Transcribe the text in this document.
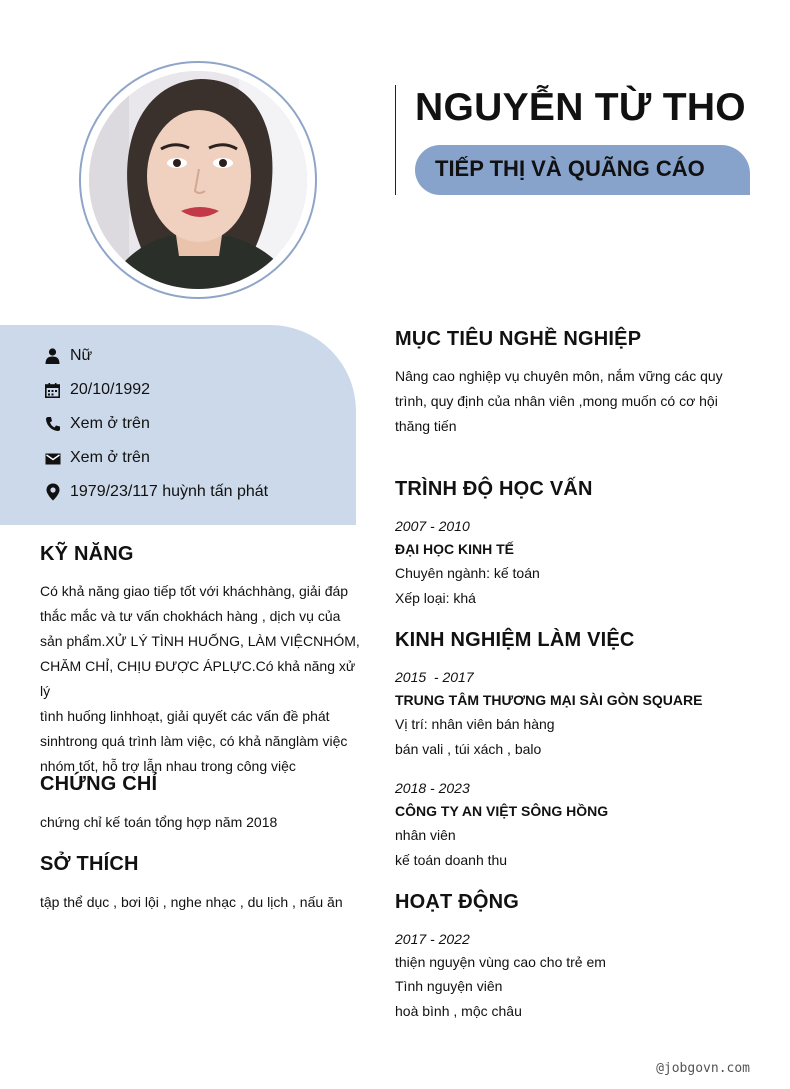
NGUYỄN TỪ THO
TIẾP THỊ VÀ QUÃNG CÁO
Nữ
20/10/1992
Xem ở trên
Xem ở trên
1979/23/117 huỳnh tấn phát
KỸ NĂNG
Có khả năng giao tiếp tốt với kháchhàng, giải đáp
thắc mắc và tư vấn chokhách hàng , dịch vụ của
sản phẩm.XỬ LÝ TÌNH HUỐNG, LÀM VIỆCNHÓM,
CHĂM CHỈ, CHỊU ĐƯỢC ÁPLỰC.Có khả năng xử lý
tình huống linhhoạt, giải quyết các vấn đề phát
sinhtrong quá trình làm việc, có khả nănglàm việc
nhóm tốt, hỗ trợ lẫn nhau trong công việc
CHỨNG CHỈ
chứng chỉ kế toán tổng hợp năm 2018
SỞ THÍCH
tập thể dục , bơi lội , nghe nhạc , du lịch , nấu ăn
MỤC TIÊU NGHỀ NGHIỆP
Nâng cao nghiệp vụ chuyên môn, nắm vững các quy
trình, quy định của nhân viên ,mong muốn có cơ hội
thăng tiến
TRÌNH ĐỘ HỌC VẤN
2007 - 2010
ĐẠI HỌC KINH TẾ
Chuyên ngành: kế toán
Xếp loại: khá
KINH NGHIỆM LÀM VIỆC
2015  - 2017
TRUNG TÂM THƯƠNG MẠI SÀI GÒN SQUARE
Vị trí: nhân viên bán hàng
bán vali , túi xách , balo
2018 - 2023
CÔNG TY AN VIỆT SÔNG HỒNG
nhân viên
kế toán doanh thu
HOẠT ĐỘNG
2017 - 2022
thiện nguyện vùng cao cho trẻ em
Tình nguyện viên
hoà bình , mộc châu
@jobgovn.com
